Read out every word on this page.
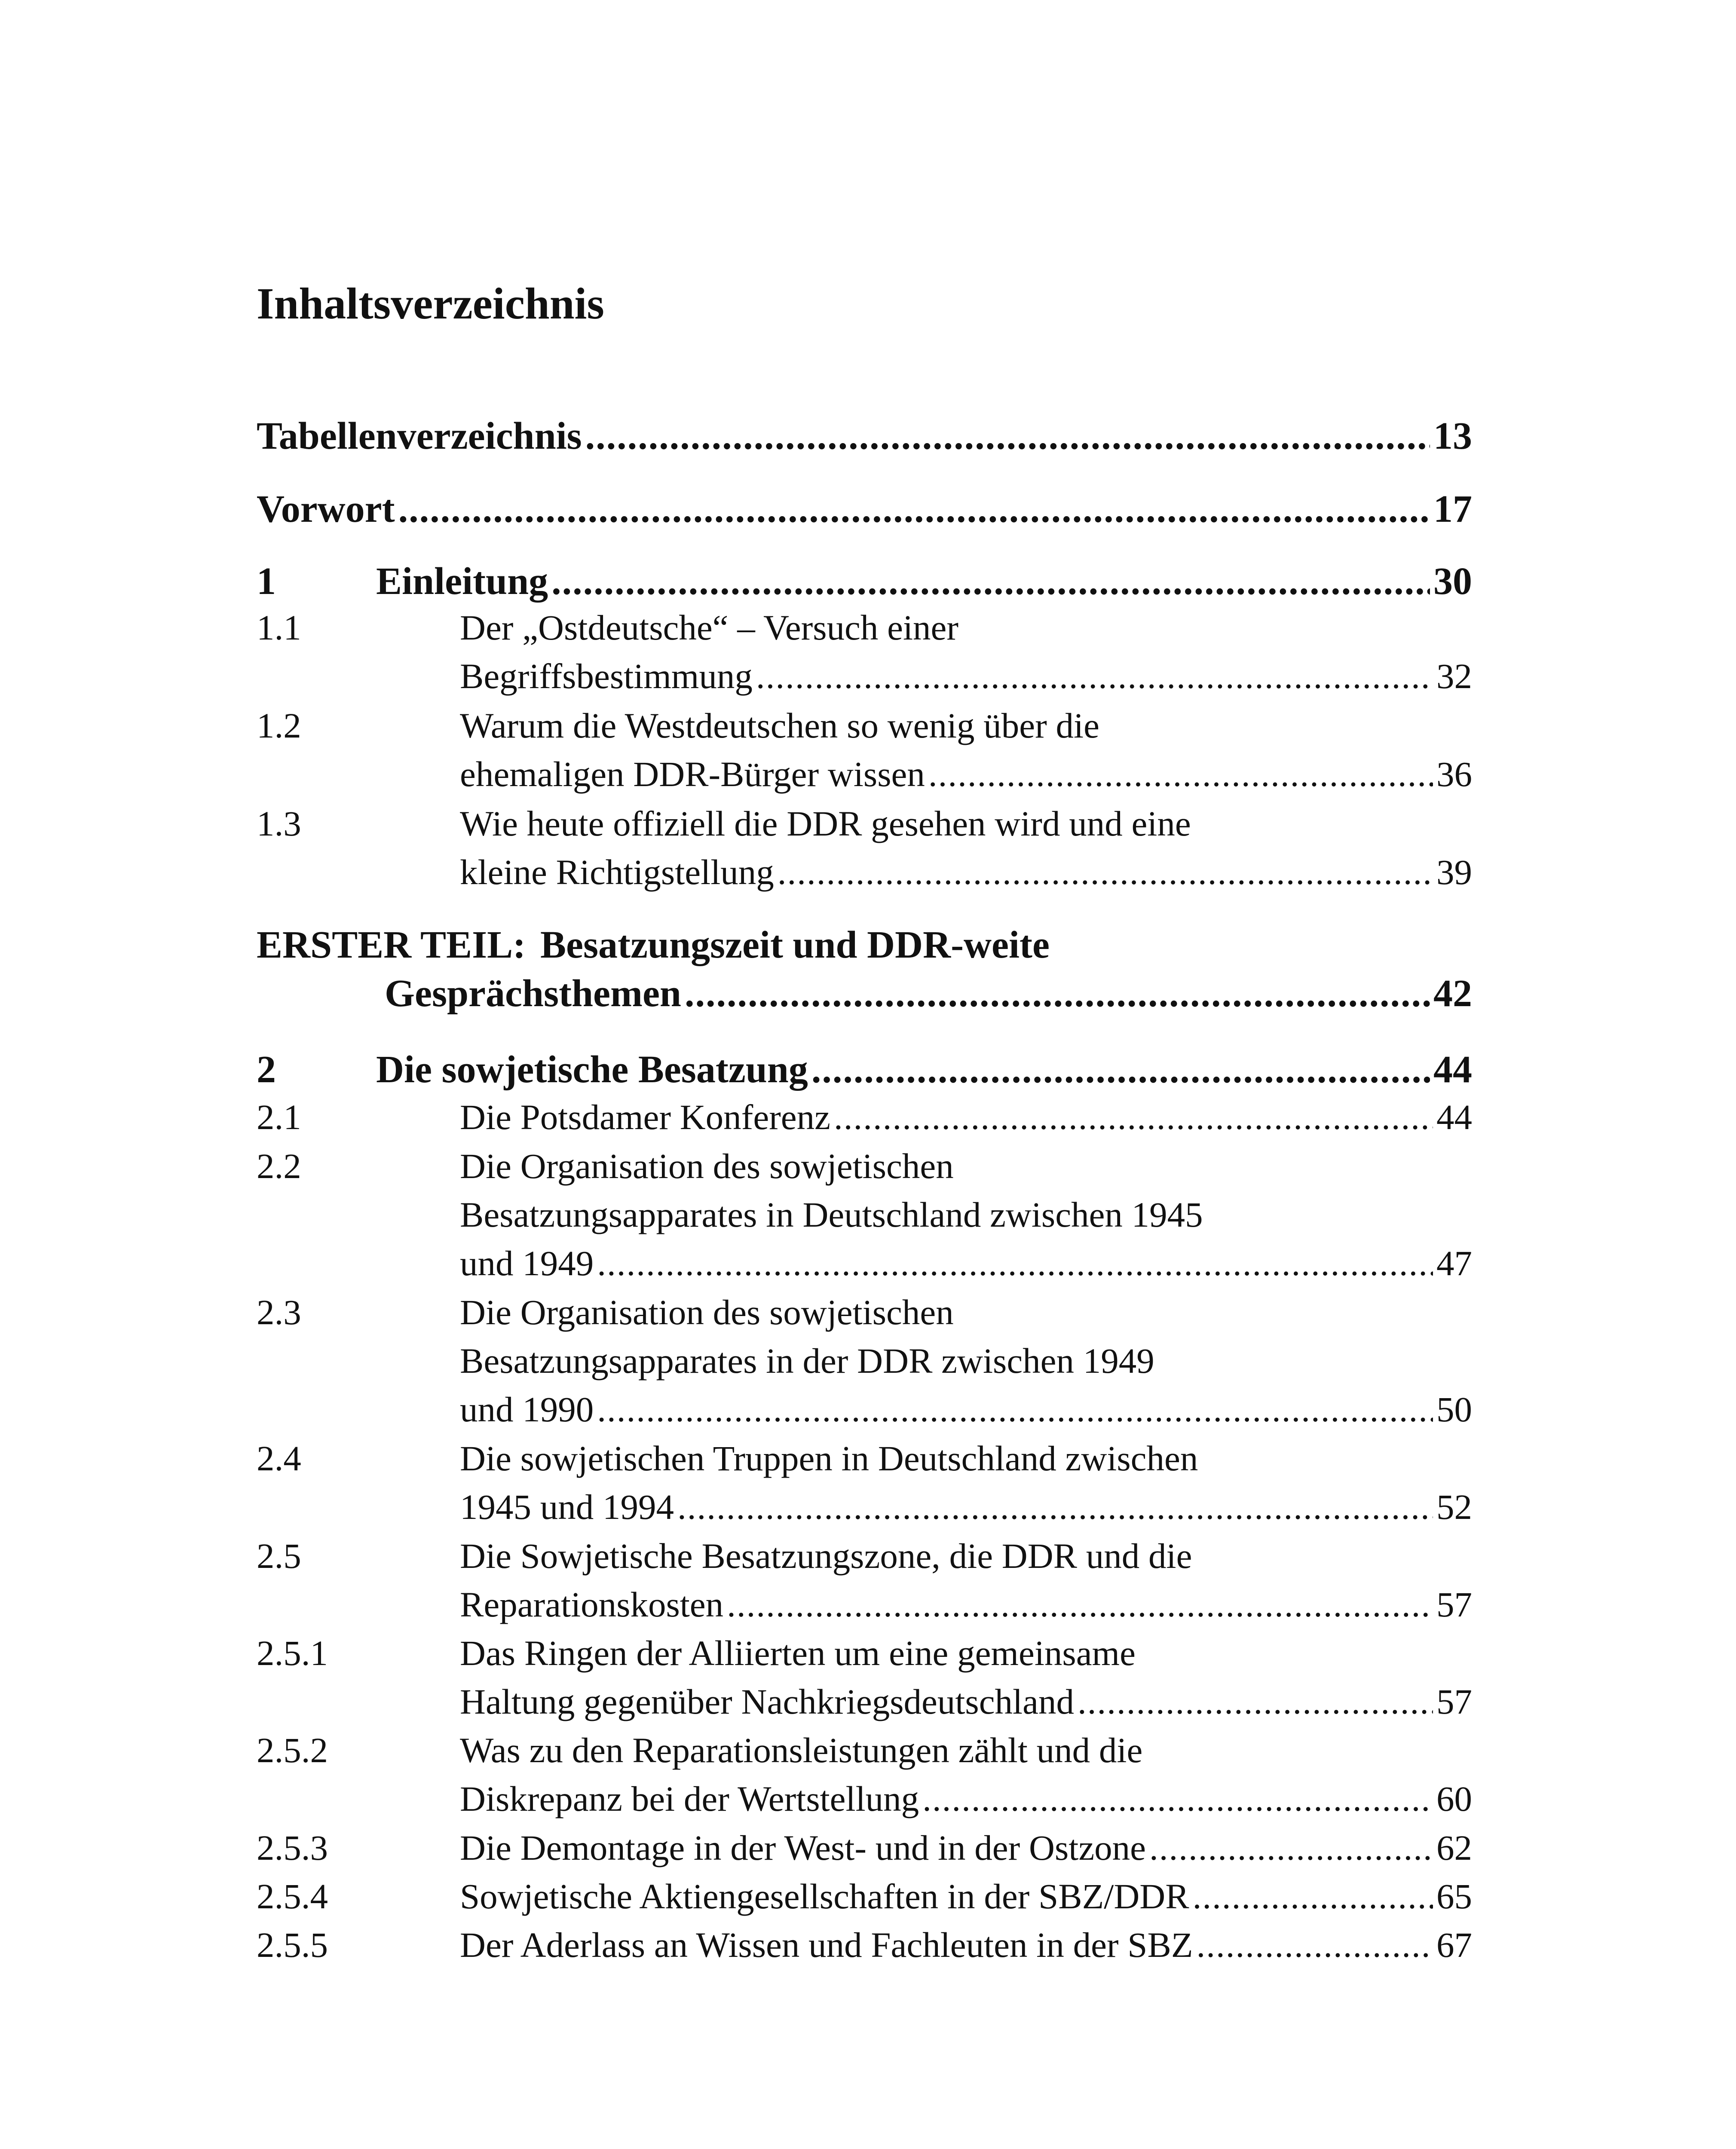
Inhaltsverzeichnis
Tabellenverzeichnis .....	13
Vorwort .....	17
1	Einleitung .....	30
1.1	Der „Ostdeutsche“ – Versuch einer
Begriffsbestimmung .....	32
1.2	Warum die Westdeutschen so wenig über die
ehemaligen DDR-Bürger wissen .....	36
1.3	Wie heute offiziell die DDR gesehen wird und eine
kleine Richtigstellung .....	39
ERSTER TEIL: Besatzungszeit und DDR-weite
Gesprächsthemen .....	42
2	Die sowjetische Besatzung .....	44
2.1	Die Potsdamer Konferenz .....	44
2.2	Die Organisation des sowjetischen
Besatzungsapparates in Deutschland zwischen 1945
und 1949 .....	47
2.3	Die Organisation des sowjetischen
Besatzungsapparates in der DDR zwischen 1949
und 1990 .....	50
2.4	Die sowjetischen Truppen in Deutschland zwischen
1945 und 1994 .....	52
2.5	Die Sowjetische Besatzungszone, die DDR und die
Reparationskosten .....	57
2.5.1	Das Ringen der Alliierten um eine gemeinsame
Haltung gegenüber Nachkriegsdeutschland .....	57
2.5.2	Was zu den Reparationsleistungen zählt und die
Diskrepanz bei der Wertstellung .....	60
2.5.3	Die Demontage in der West- und in der Ostzone .....	62
2.5.4	Sowjetische Aktiengesellschaften in der SBZ/DDR .....	65
2.5.5	Der Aderlass an Wissen und Fachleuten in der SBZ .....	67
